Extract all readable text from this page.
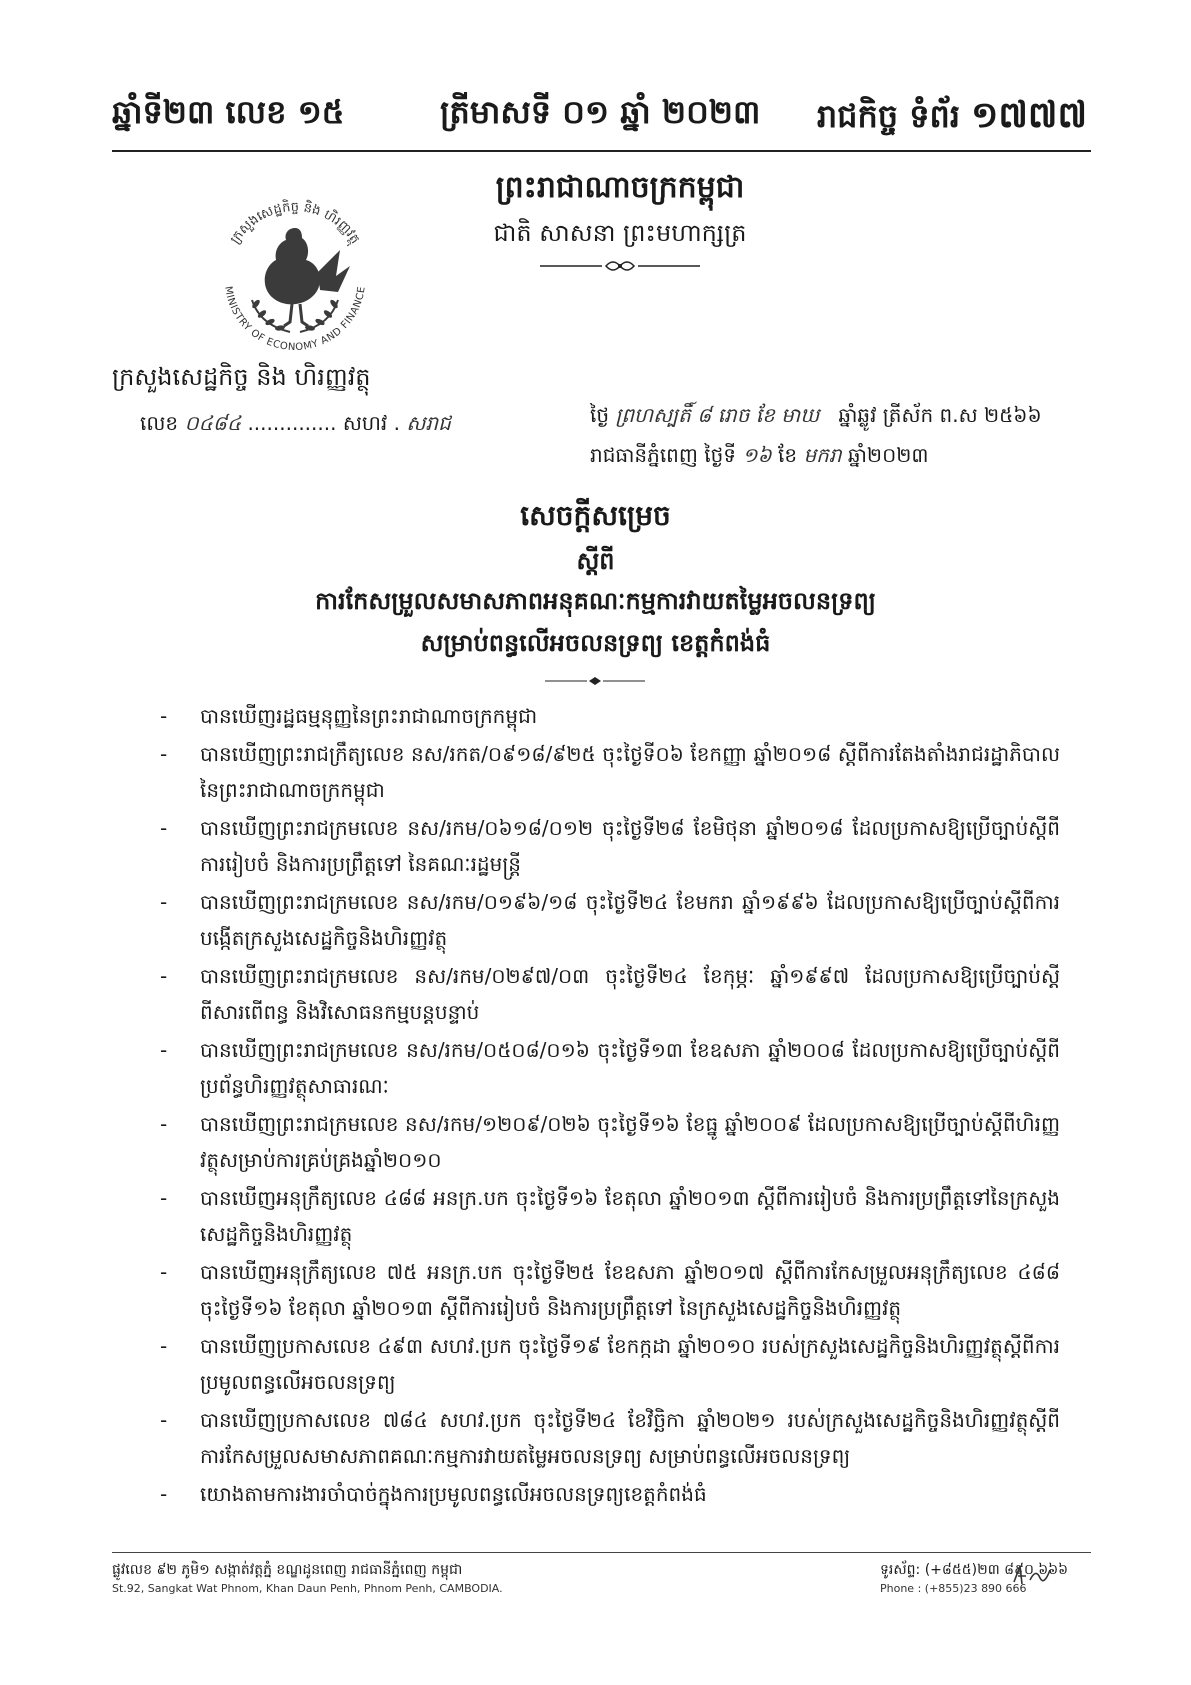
ឆ្នាំទី២៣ លេខ ១៥	ត្រីមាសទី ០១ ឆ្នាំ ២០២៣ រាជកិច្ច ទំព័រ ១៧៧៧
ព្រះរាជាណាចក្រកម្ពុជា
ជាតិ សាសនា ព្រះមហាក្សត្រ
ក្រសួងសេដ្ឋកិច្ច និង ហិរញ្ញវត្ថុ
MINISTRY OF ECONOMY AND FINANCE
ក្រសួងសេដ្ឋកិច្ច និង ហិរញ្ញវត្ថុ
លេខ ០៤៨៤ .............. សហវ . សរាជ	ថ្ងៃ ព្រហស្បតិ៍ ៨ រោច ខែ មាឃ ឆ្នាំឆ្លូវ ត្រីស័ក ព.ស ២៥៦៦
រាជធានីភ្នំពេញ ថ្ងៃទី ១៦ ខែ មករា ឆ្នាំ២០២៣
សេចក្តីសម្រេច
ស្តីពី
ការកែសម្រួលសមាសភាពអនុគណៈកម្មការវាយតម្លៃអចលនទ្រព្យ
សម្រាប់ពន្ធលើអចលនទ្រព្យ ខេត្តកំពង់ធំ
- បានឃើញរដ្ឋធម្មនុញ្ញនៃព្រះរាជាណាចក្រកម្ពុជា
- បានឃើញព្រះរាជក្រឹត្យលេខ នស/រកត/០៩១៨/៩២៥ ចុះថ្ងៃទី០៦ ខែកញ្ញា ឆ្នាំ២០១៨ ស្តីពីការតែងតាំងរាជរដ្ឋាភិបាល នៃព្រះរាជាណាចក្រកម្ពុជា
- បានឃើញព្រះរាជក្រមលេខ នស/រកម/០៦១៨/០១២ ចុះថ្ងៃទី២៨ ខែមិថុនា ឆ្នាំ២០១៨ ដែលប្រកាសឱ្យប្រើច្បាប់ស្តីពីការរៀបចំ និងការប្រព្រឹត្តទៅ នៃគណៈរដ្ឋមន្ត្រី
- បានឃើញព្រះរាជក្រមលេខ នស/រកម/០១៩៦/១៨ ចុះថ្ងៃទី២៤ ខែមករា ឆ្នាំ១៩៩៦ ដែលប្រកាសឱ្យប្រើច្បាប់ស្តីពីការបង្កើតក្រសួងសេដ្ឋកិច្ចនិងហិរញ្ញវត្ថុ
- បានឃើញព្រះរាជក្រមលេខ នស/រកម/០២៩៧/០៣ ចុះថ្ងៃទី២៤ ខែកុម្ភៈ ឆ្នាំ១៩៩៧ ដែលប្រកាសឱ្យប្រើច្បាប់ស្តីពីសារពើពន្ធ និងវិសោធនកម្មបន្តបន្ទាប់
- បានឃើញព្រះរាជក្រមលេខ នស/រកម/០៥០៨/០១៦ ចុះថ្ងៃទី១៣ ខែឧសភា ឆ្នាំ២០០៨ ដែលប្រកាសឱ្យប្រើច្បាប់ស្តីពីប្រព័ន្ធហិរញ្ញវត្ថុសាធារណៈ
- បានឃើញព្រះរាជក្រមលេខ នស/រកម/១២០៩/០២៦ ចុះថ្ងៃទី១៦ ខែធ្នូ ឆ្នាំ២០០៩ ដែលប្រកាសឱ្យប្រើច្បាប់ស្តីពីហិរញ្ញវត្ថុសម្រាប់ការគ្រប់គ្រងឆ្នាំ២០១០
- បានឃើញអនុក្រឹត្យលេខ ៤៨៨ អនក្រ.បក ចុះថ្ងៃទី១៦ ខែតុលា ឆ្នាំ២០១៣ ស្តីពីការរៀបចំ និងការប្រព្រឹត្តទៅនៃក្រសួងសេដ្ឋកិច្ចនិងហិរញ្ញវត្ថុ
- បានឃើញអនុក្រឹត្យលេខ ៧៥ អនក្រ.បក ចុះថ្ងៃទី២៥ ខែឧសភា ឆ្នាំ២០១៧ ស្តីពីការកែសម្រួលអនុក្រឹត្យលេខ ៤៨៨ ចុះថ្ងៃទី១៦ ខែតុលា ឆ្នាំ២០១៣ ស្តីពីការរៀបចំ និងការប្រព្រឹត្តទៅ នៃក្រសួងសេដ្ឋកិច្ចនិងហិរញ្ញវត្ថុ
- បានឃើញប្រកាសលេខ ៤៩៣ សហវ.ប្រក ចុះថ្ងៃទី១៩ ខែកក្កដា ឆ្នាំ២០១០ របស់ក្រសួងសេដ្ឋកិច្ចនិងហិរញ្ញវត្ថុស្តីពីការប្រមូលពន្ធលើអចលនទ្រព្យ
- បានឃើញប្រកាសលេខ ៧៨៤ សហវ.ប្រក ចុះថ្ងៃទី២៤ ខែវិច្ឆិកា ឆ្នាំ២០២១ របស់ក្រសួងសេដ្ឋកិច្ចនិងហិរញ្ញវត្ថុស្តីពីការកែសម្រួលសមាសភាពគណៈកម្មការវាយតម្លៃអចលនទ្រព្យ សម្រាប់ពន្ធលើអចលនទ្រព្យ
- យោងតាមការងារចាំបាច់ក្នុងការប្រមូលពន្ធលើអចលនទ្រព្យខេត្តកំពង់ធំ
ផ្លូវលេខ ៩២ ភូមិ១ សង្កាត់វត្តភ្នំ ខណ្ឌដូនពេញ រាជធានីភ្នំពេញ កម្ពុជា
St.92, Sangkat Wat Phnom, Khan Daun Penh, Phnom Penh, CAMBODIA.
ទូរស័ព្ទ: (+៨៥៥)២៣ ៨៩០ ៦៦៦
Phone : (+855)23 890 666
